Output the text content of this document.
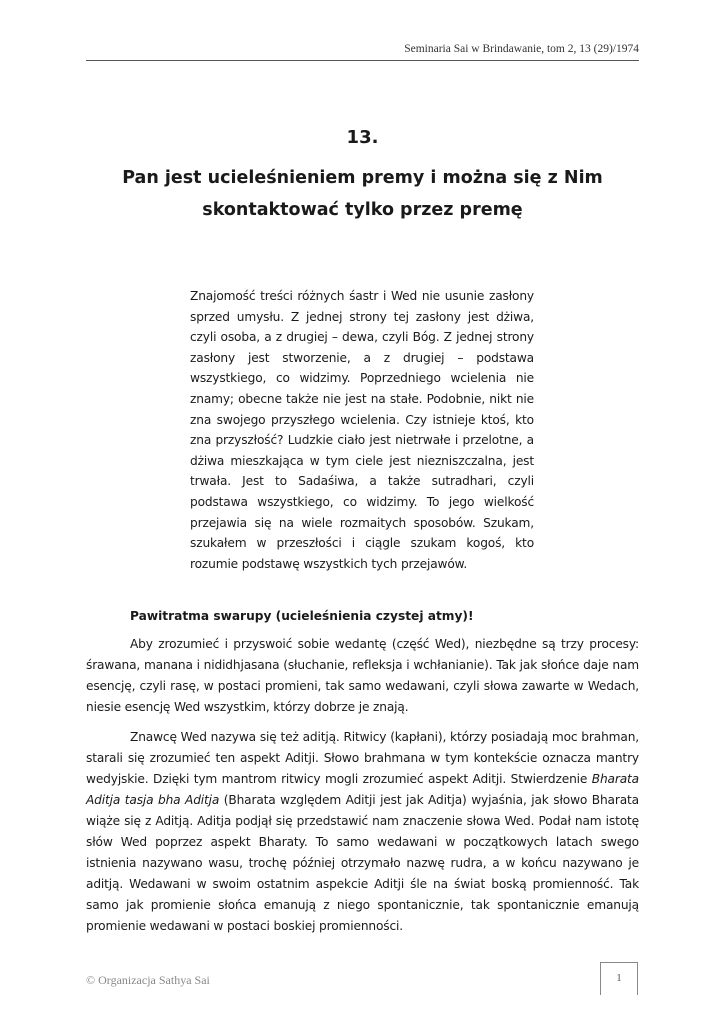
Seminaria Sai w Brindawanie, tom 2, 13 (29)/1974
13.
Pan jest ucieleśnieniem premy i można się z Nim
skontaktować tylko przez premę
Znajomość treści różnych śastr i Wed nie usunie zasłony sprzed umysłu. Z jednej strony tej zasłony jest dżiwa, czyli osoba, a z drugiej – dewa, czyli Bóg. Z jednej strony zasłony jest stworzenie, a z drugiej – podstawa wszystkiego, co widzimy. Poprzedniego wcielenia nie znamy; obecne także nie jest na stałe. Podobnie, nikt nie zna swojego przyszłego wcielenia. Czy istnieje ktoś, kto zna przyszłość? Ludzkie ciało jest nietrwałe i przelotne, a dżiwa mieszkająca w tym ciele jest niezniszczalna, jest trwała. Jest to Sadaśiwa, a także sutradhari, czyli podstawa wszystkiego, co widzimy. To jego wielkość przejawia się na wiele rozmaitych sposobów. Szukam, szukałem w przeszłości i ciągle szukam kogoś, kto rozumie podstawę wszystkich tych przejawów.
Pawitratma swarupy (ucieleśnienia czystej atmy)!

Aby zrozumieć i przyswoić sobie wedantę (część Wed), niezbędne są trzy procesy: śrawana, manana i nididhjasana (słuchanie, refleksja i wchłanianie). Tak jak słońce daje nam esencję, czyli rasę, w postaci promieni, tak samo wedawani, czyli słowa zawarte w Wedach, niesie esencję Wed wszystkim, którzy dobrze je znają.

Znawcę Wed nazywa się też aditją. Ritwicy (kapłani), którzy posiadają moc brahman, starali się zrozumieć ten aspekt Aditji. Słowo brahmana w tym kontekście oznacza mantry wedyjskie. Dzięki tym mantrom ritwicy mogli zrozumieć aspekt Aditji. Stwierdzenie Bharata Aditja tasja bha Aditja (Bharata względem Aditji jest jak Aditja) wyjaśnia, jak słowo Bharata wiąże się z Aditją. Aditja podjął się przedstawić nam znaczenie słowa Wed. Podał nam istotę słów Wed poprzez aspekt Bharaty. To samo wedawani w początkowych latach swego istnienia nazywano wasu, trochę później otrzymało nazwę rudra, a w końcu nazywano je aditją. Wedawani w swoim ostatnim aspekcie Aditji śle na świat boską promienność. Tak samo jak promienie słońca emanują z niego spontanicznie, tak spontanicznie emanują promienie wedawani w postaci boskiej promienności.

© Organizacja Sathya Sai	1
